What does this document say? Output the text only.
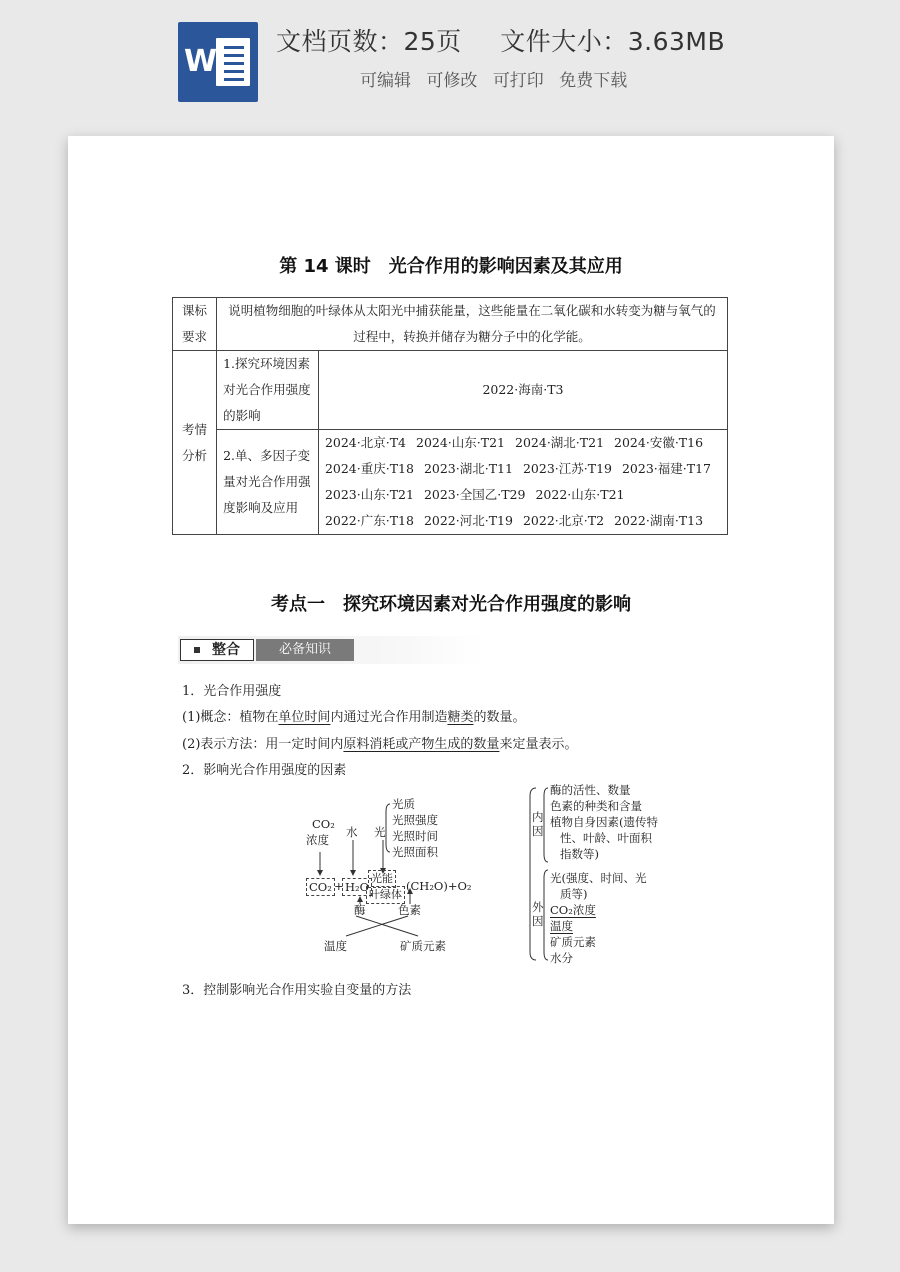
W
文档页数：25页 文件大小：3.63MB
可编辑 可修改 可打印 免费下载
第 14 课时　光合作用的影响因素及其应用
课标要求	说明植物细胞的叶绿体从太阳光中捕获能量，这些能量在二氧化碳和水转变为糖与氧气的过程中，转换并储存为糖分子中的化学能。	
考情分析	1.探究环境因素对光合作用强度的影响	2022·海南·T3
	2.单、多因子变量对光合作用强度影响及应用	2024·北京·T4 2024·山东·T21 2024·湖北·T21 2024·安徽·T16
2024·重庆·T18 2023·湖北·T11 2023·江苏·T19 2023·福建·T17
2023·山东·T21 2023·全国乙·T29 2022·山东·T21
2022·广东·T18 2022·河北·T19 2022·北京·T2 2022·湖南·T13
考点一　探究环境因素对光合作用强度的影响
整合	必备知识
1．光合作用强度
(1)概念：植物在单位时间内通过光合作用制造糖类的数量。
(2)表示方法：用一定时间内原料消耗或产物生成的数量来定量表示。
2．影响光合作用强度的因素
CO₂
浓度
水 光
光质
光照强度
光照时间
光照面积
CO₂ + H₂O
光能
叶绿体
(CH₂O)+O₂
酶	色素
温度	矿质元素
内因
酶的活性、数量
色素的种类和含量
植物自身因素(遗传特
性、叶龄、叶面积
指数等)
外因
光(强度、时间、光
质等)
CO₂浓度
温度
矿质元素
水分
3．控制影响光合作用实验自变量的方法
